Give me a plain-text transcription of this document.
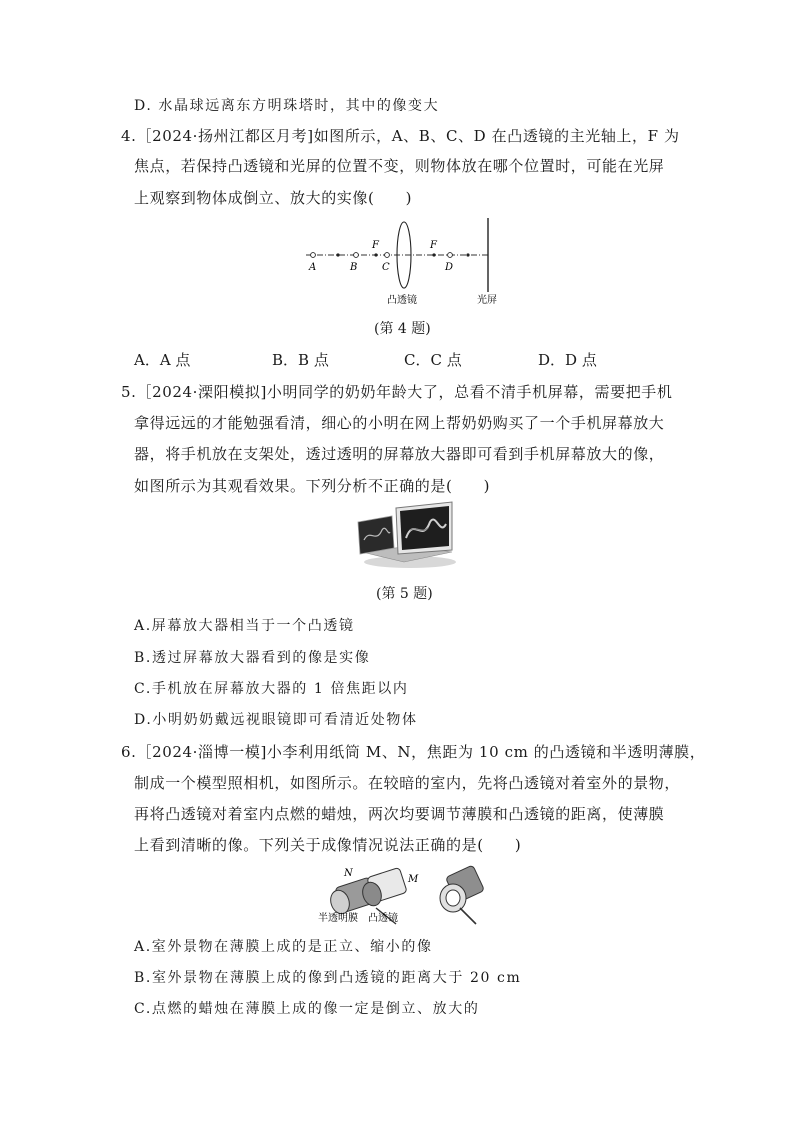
D. 水晶球远离东方明珠塔时，其中的像变大
4.［2024·扬州江都区月考]如图所示，A、B、C、D 在凸透镜的主光轴上，F 为
焦点，若保持凸透镜和光屏的位置不变，则物体放在哪个位置时，可能在光屏
上观察到物体成倒立、放大的实像(　　)
A	B C	D
F	F
凸透镜	光屏
(第 4 题)
A．A 点	B．B 点	C．C 点	D．D 点
5.［2024·溧阳模拟]小明同学的奶奶年龄大了，总看不清手机屏幕，需要把手机
拿得远远的才能勉强看清，细心的小明在网上帮奶奶购买了一个手机屏幕放大
器，将手机放在支架处，透过透明的屏幕放大器即可看到手机屏幕放大的像，
如图所示为其观看效果。下列分析不正确的是(　　)
(第 5 题)
A.屏幕放大器相当于一个凸透镜
B.透过屏幕放大器看到的像是实像
C.手机放在屏幕放大器的 1 倍焦距以内
D.小明奶奶戴远视眼镜即可看清近处物体
6.［2024·淄博一模]小李利用纸筒 M、N，焦距为 10 cm 的凸透镜和半透明薄膜，
制成一个模型照相机，如图所示。在较暗的室内，先将凸透镜对着室外的景物，
再将凸透镜对着室内点燃的蜡烛，两次均要调节薄膜和凸透镜的距离，使薄膜
上看到清晰的像。下列关于成像情况说法正确的是(　　)
N
M
半透明膜 凸透镜
A.室外景物在薄膜上成的是正立、缩小的像
B.室外景物在薄膜上成的像到凸透镜的距离大于 20 cm
C.点燃的蜡烛在薄膜上成的像一定是倒立、放大的
